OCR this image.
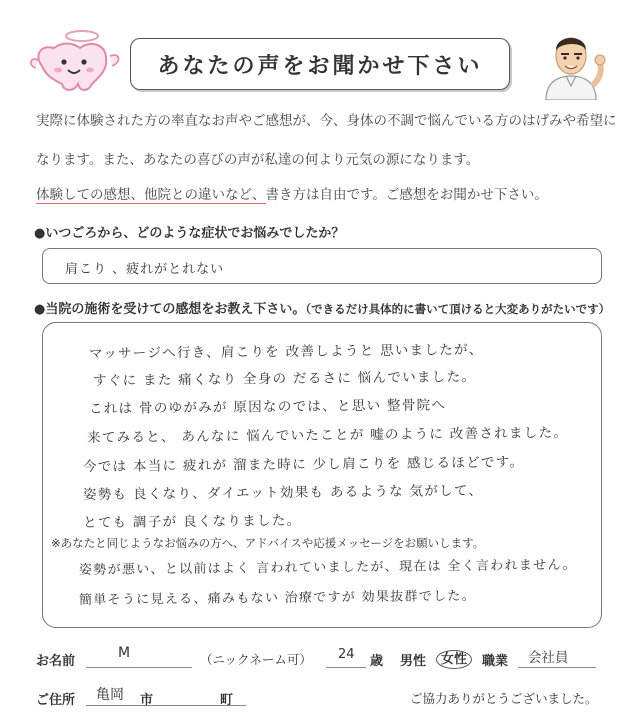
あなたの声をお聞かせ下さい
実際に体験された方の率直なお声やご感想が、今、身体の不調で悩んでいる方のはげみや希望に
なります。また、あなたの喜びの声が私達の何より元気の源になります。
体験しての感想、他院との違いなど、書き方は自由です。ご感想をお聞かせ下さい。
●いつごろから、どのような症状でお悩みでしたか？
肩こり 、疲れがとれない
●当院の施術を受けての感想をお教え下さい。（できるだけ具体的に書いて頂けると大変ありがたいです）
マッサージへ行き、肩こりを 改善しようと 思いましたが、
すぐに また 痛くなり 全身の だるさに 悩んでいました。
これは 骨のゆがみが 原因なのでは、と思い 整骨院へ
来てみると、 あんなに 悩んでいたことが 嘘のように 改善されました。
今では 本当に 疲れが 溜また時に 少し肩こりを 感じるほどです。
姿勢も 良くなり、ダイエット効果も あるような 気がして、
とても 調子が 良くなりました。
※あなたと同じようなお悩みの方へ、アドバイスや応援メッセージをお願いします。
姿勢が悪い、と以前はよく 言われていましたが、現在は 全く言われません。
簡単そうに見える、痛みもない 治療ですが 効果抜群でした。
お名前
M	（ニックネーム可） 24 歳 男性	女性	職業 会社員
ご住所 亀岡 市	町	ご協力ありがとうございました。
